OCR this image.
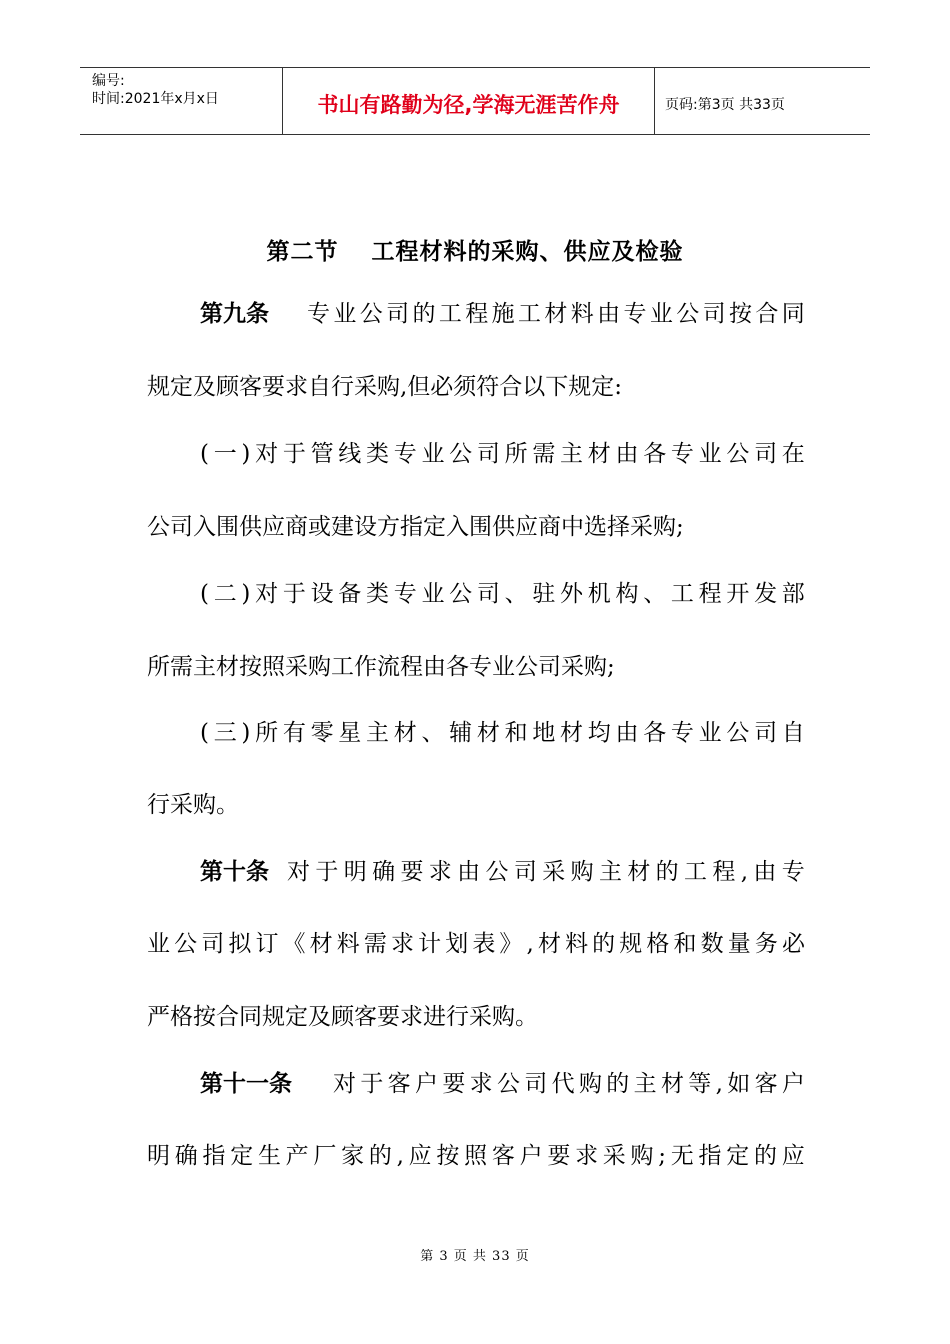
编号:
时间:2021年x月x日	书山有路勤为径,学海无涯苦作舟	页码:第3页 共33页
第二节　 工程材料的采购、供应及检验
第九条 专 业 公 司 的 工 程 施 工 材 料 由 专 业 公 司 按 合 同
规定及顾客要求自行采购,但必须符合以下规定:
( 一 ) 对 于 管 线 类 专 业 公 司 所 需 主 材 由 各 专 业 公 司 在
公司入围供应商或建设方指定入围供应商中选择采购;
( 二 ) 对 于 设 备 类 专 业 公 司 、 驻 外 机 构 、 工 程 开 发 部
所需主材按照采购工作流程由各专业公司采购;
( 三 ) 所 有 零 星 主 材 、 辅 材 和 地 材 均 由 各 专 业 公 司 自
行采购。
第十条 对 于 明 确 要 求 由 公 司 采 购 主 材 的 工 程 , 由 专
业 公 司 拟 订 《 材 料 需 求 计 划 表 》 , 材 料 的 规 格 和 数 量 务 必
严格按合同规定及顾客要求进行采购。
第十一条 对 于 客 户 要 求 公 司 代 购 的 主 材 等 , 如 客 户
明 确 指 定 生 产 厂 家 的 , 应 按 照 客 户 要 求 采 购 ; 无 指 定 的 应
第 3 页 共 33 页
